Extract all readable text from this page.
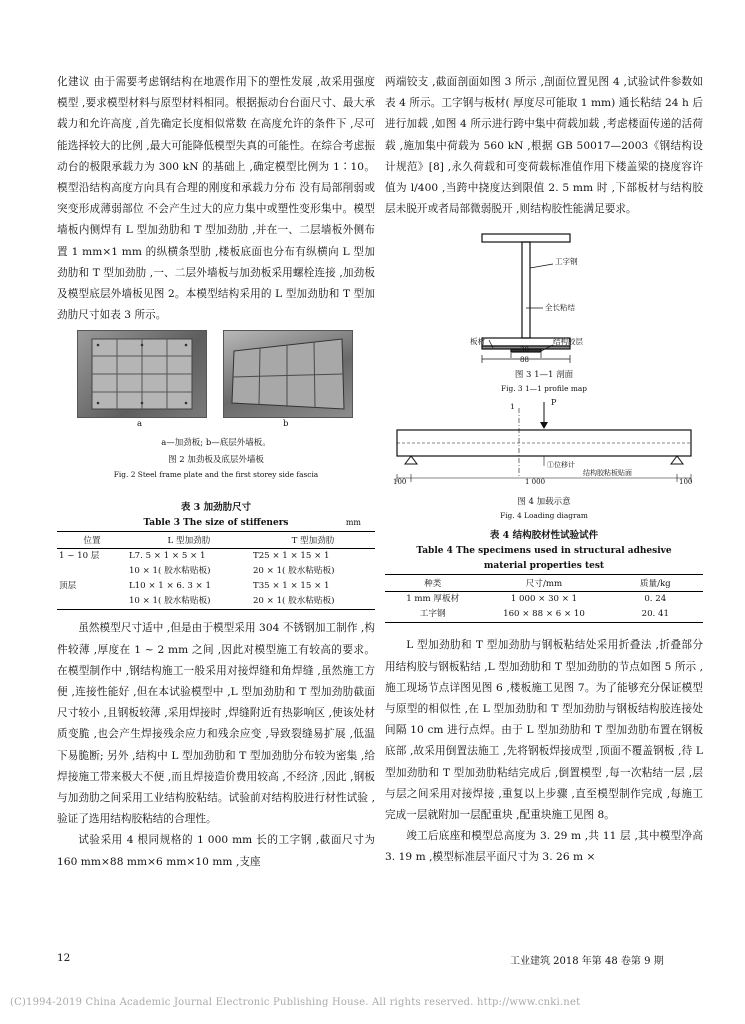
化建议 由于需要考虑钢结构在地震作用下的塑性发展 ,故采用强度模型 ,要求模型材料与原型材料相同。根据振动台台面尺寸、最大承载力和允许高度 ,首先确定长度相似常数 在高度允许的条件下 ,尽可能选择较大的比例 ,最大可能降低模型失真的可能性。在综合考虑振动台的极限承载力为 300 kN 的基础上 ,确定模型比例为 1∶10。模型沿结构高度方向具有合理的刚度和承载力分布 没有局部削弱或突变形成薄弱部位 不会产生过大的应力集中或塑性变形集中。模型墙板内侧焊有 L 型加劲肋和 T 型加劲肋 ,并在一、二层墙板外侧布置 1 mm×1 mm 的纵横条型肋 ,楼板底面也分布有纵横向 L 型加劲肋和 T 型加劲肋 ,一、二层外墙板与加劲板采用螺栓连接 ,加劲板及模型底层外墙板见图 2。本模型结构采用的 L 型加劲肋和 T 型加劲肋尺寸如表 3 所示。

a	b
a—加劲板; b—底层外墙板。
图 2 加劲板及底层外墙板
Fig. 2 Steel frame plate and the first storey side fascia
表 3 加劲肋尺寸
Table 3 The size of stiffeners	mm
位置	L 型加劲肋	T 型加劲肋
1 ~ 10 层	L7. 5 × 1 × 5 × 1	T25 × 1 × 15 × 1
	10 × 1( 胶水粘贴板)	20 × 1( 胶水粘贴板)
顶层	L10 × 1 × 6. 3 × 1	T35 × 1 × 15 × 1
	10 × 1( 胶水粘贴板)	20 × 1( 胶水粘贴板)

虽然模型尺寸适中 ,但是由于模型采用 304 不锈钢加工制作 ,构件较薄 ,厚度在 1 ~ 2 mm 之间 ,因此对模型施工有较高的要求。在模型制作中 ,钢结构施工一般采用对接焊缝和角焊缝 ,虽然施工方便 ,连接性能好 ,但在本试验模型中 ,L 型加劲肋和 T 型加劲肋截面尺寸较小 ,且钢板较薄 ,采用焊接时 ,焊缝附近有热影响区 ,使该处材质变脆 ,也会产生焊接残余应力和残余应变 ,导致裂缝易扩展 ,低温下易脆断; 另外 ,结构中 L 型加劲肋和 T 型加劲肋分布较为密集 ,给焊接施工带来极大不便 ,而且焊接造价费用较高 ,不经济 ,因此 ,钢板与加劲肋之间采用工业结构胶粘结。试验前对结构胶进行材性试验 ,验证了选用结构胶粘结的合理性。

试验采用 4 根同规格的 1 000 mm 长的工字钢 ,截面尺寸为 160 mm×88 mm×6 mm×10 mm ,支座

两端铰支 ,截面剖面如图 3 所示 ,剖面位置见图 4 ,试验试件参数如表 4 所示。工字钢与板材( 厚度尽可能取 1 mm) 通长粘结 24 h 后进行加载 ,如图 4 所示进行跨中集中荷载加载 ,考虑楼面传递的活荷载 ,施加集中荷载为 560 kN ,根据 GB 50017—2003《钢结构设计规范》[8] ,永久荷载和可变荷载标准值作用下楼盖梁的挠度容许值为 l/400 ,当跨中挠度达到限值 2. 5 mm 时 ,下部板材与结构胶层未脱开或者局部微弱脱开 ,则结构胶性能满足要求。

工字钢
全长粘结
板材	结构胶层
30
88
图 3 1—1 剖面
Fig. 3 1—1 profile map
P
1
①位移计
结构胶粘板贴面
100	1 000	100
图 4 加载示意
Fig. 4 Loading diagram
表 4 结构胶材性试验试件
Table 4 The specimens used in structural adhesive
material properties test
种类	尺寸/mm	质量/kg
1 mm 厚板材	1 000 × 30 × 1	0. 24
工字钢	160 × 88 × 6 × 10	20. 41

L 型加劲肋和 T 型加劲肋与钢板粘结处采用折叠法 ,折叠部分用结构胶与钢板粘结 ,L 型加劲肋和 T 型加劲肋的节点如图 5 所示 ,施工现场节点详图见图 6 ,楼板施工见图 7。为了能够充分保证模型与原型的相似性 ,在 L 型加劲肋和 T 型加劲肋与钢板结构胶连接处间隔 10 cm 进行点焊。由于 L 型加劲肋和 T 型加劲肋布置在钢板底部 ,故采用倒置法施工 ,先将钢板焊接成型 ,顶面不覆盖钢板 ,待 L 型加劲肋和 T 型加劲肋粘结完成后 ,倒置模型 ,每一次粘结一层 ,层与层之间采用对接焊接 ,重复以上步骤 ,直至模型制作完成 ,每施工完成一层就附加一层配重块 ,配重块施工见图 8。

竣工后底座和模型总高度为 3. 29 m ,共 11 层 ,其中模型净高 3. 19 m ,模型标准层平面尺寸为 3. 26 m ×

12	工业建筑 2018 年第 48 卷第 9 期
(C)1994-2019 China Academic Journal Electronic Publishing House. All rights reserved. http://www.cnki.net
